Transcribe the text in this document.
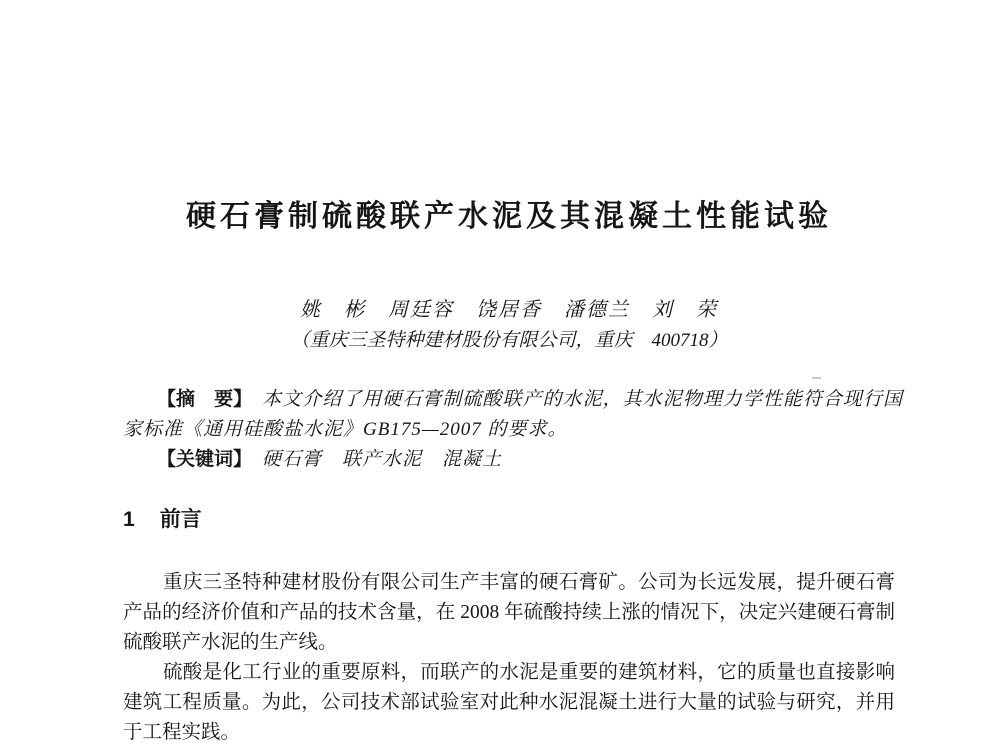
硬石膏制硫酸联产水泥及其混凝土性能试验
姚　彬　周廷容　饶居香　潘德兰　刘　荣
（重庆三圣特种建材股份有限公司，重庆　400718）

【摘　要】 本文介绍了用硬石膏制硫酸联产的水泥，其水泥物理力学性能符合现行国家标准《通用硅酸盐水泥》GB175—2007 的要求。

【关键词】 硬石膏　联产水泥　混凝土

1 前言

重庆三圣特种建材股份有限公司生产丰富的硬石膏矿。公司为长远发展，提升硬石膏产品的经济价值和产品的技术含量，在 2008 年硫酸持续上涨的情况下，决定兴建硬石膏制硫酸联产水泥的生产线。

硫酸是化工行业的重要原料，而联产的水泥是重要的建筑材料，它的质量也直接影响建筑工程质量。为此，公司技术部试验室对此种水泥混凝土进行大量的试验与研究，并用于工程实践。
